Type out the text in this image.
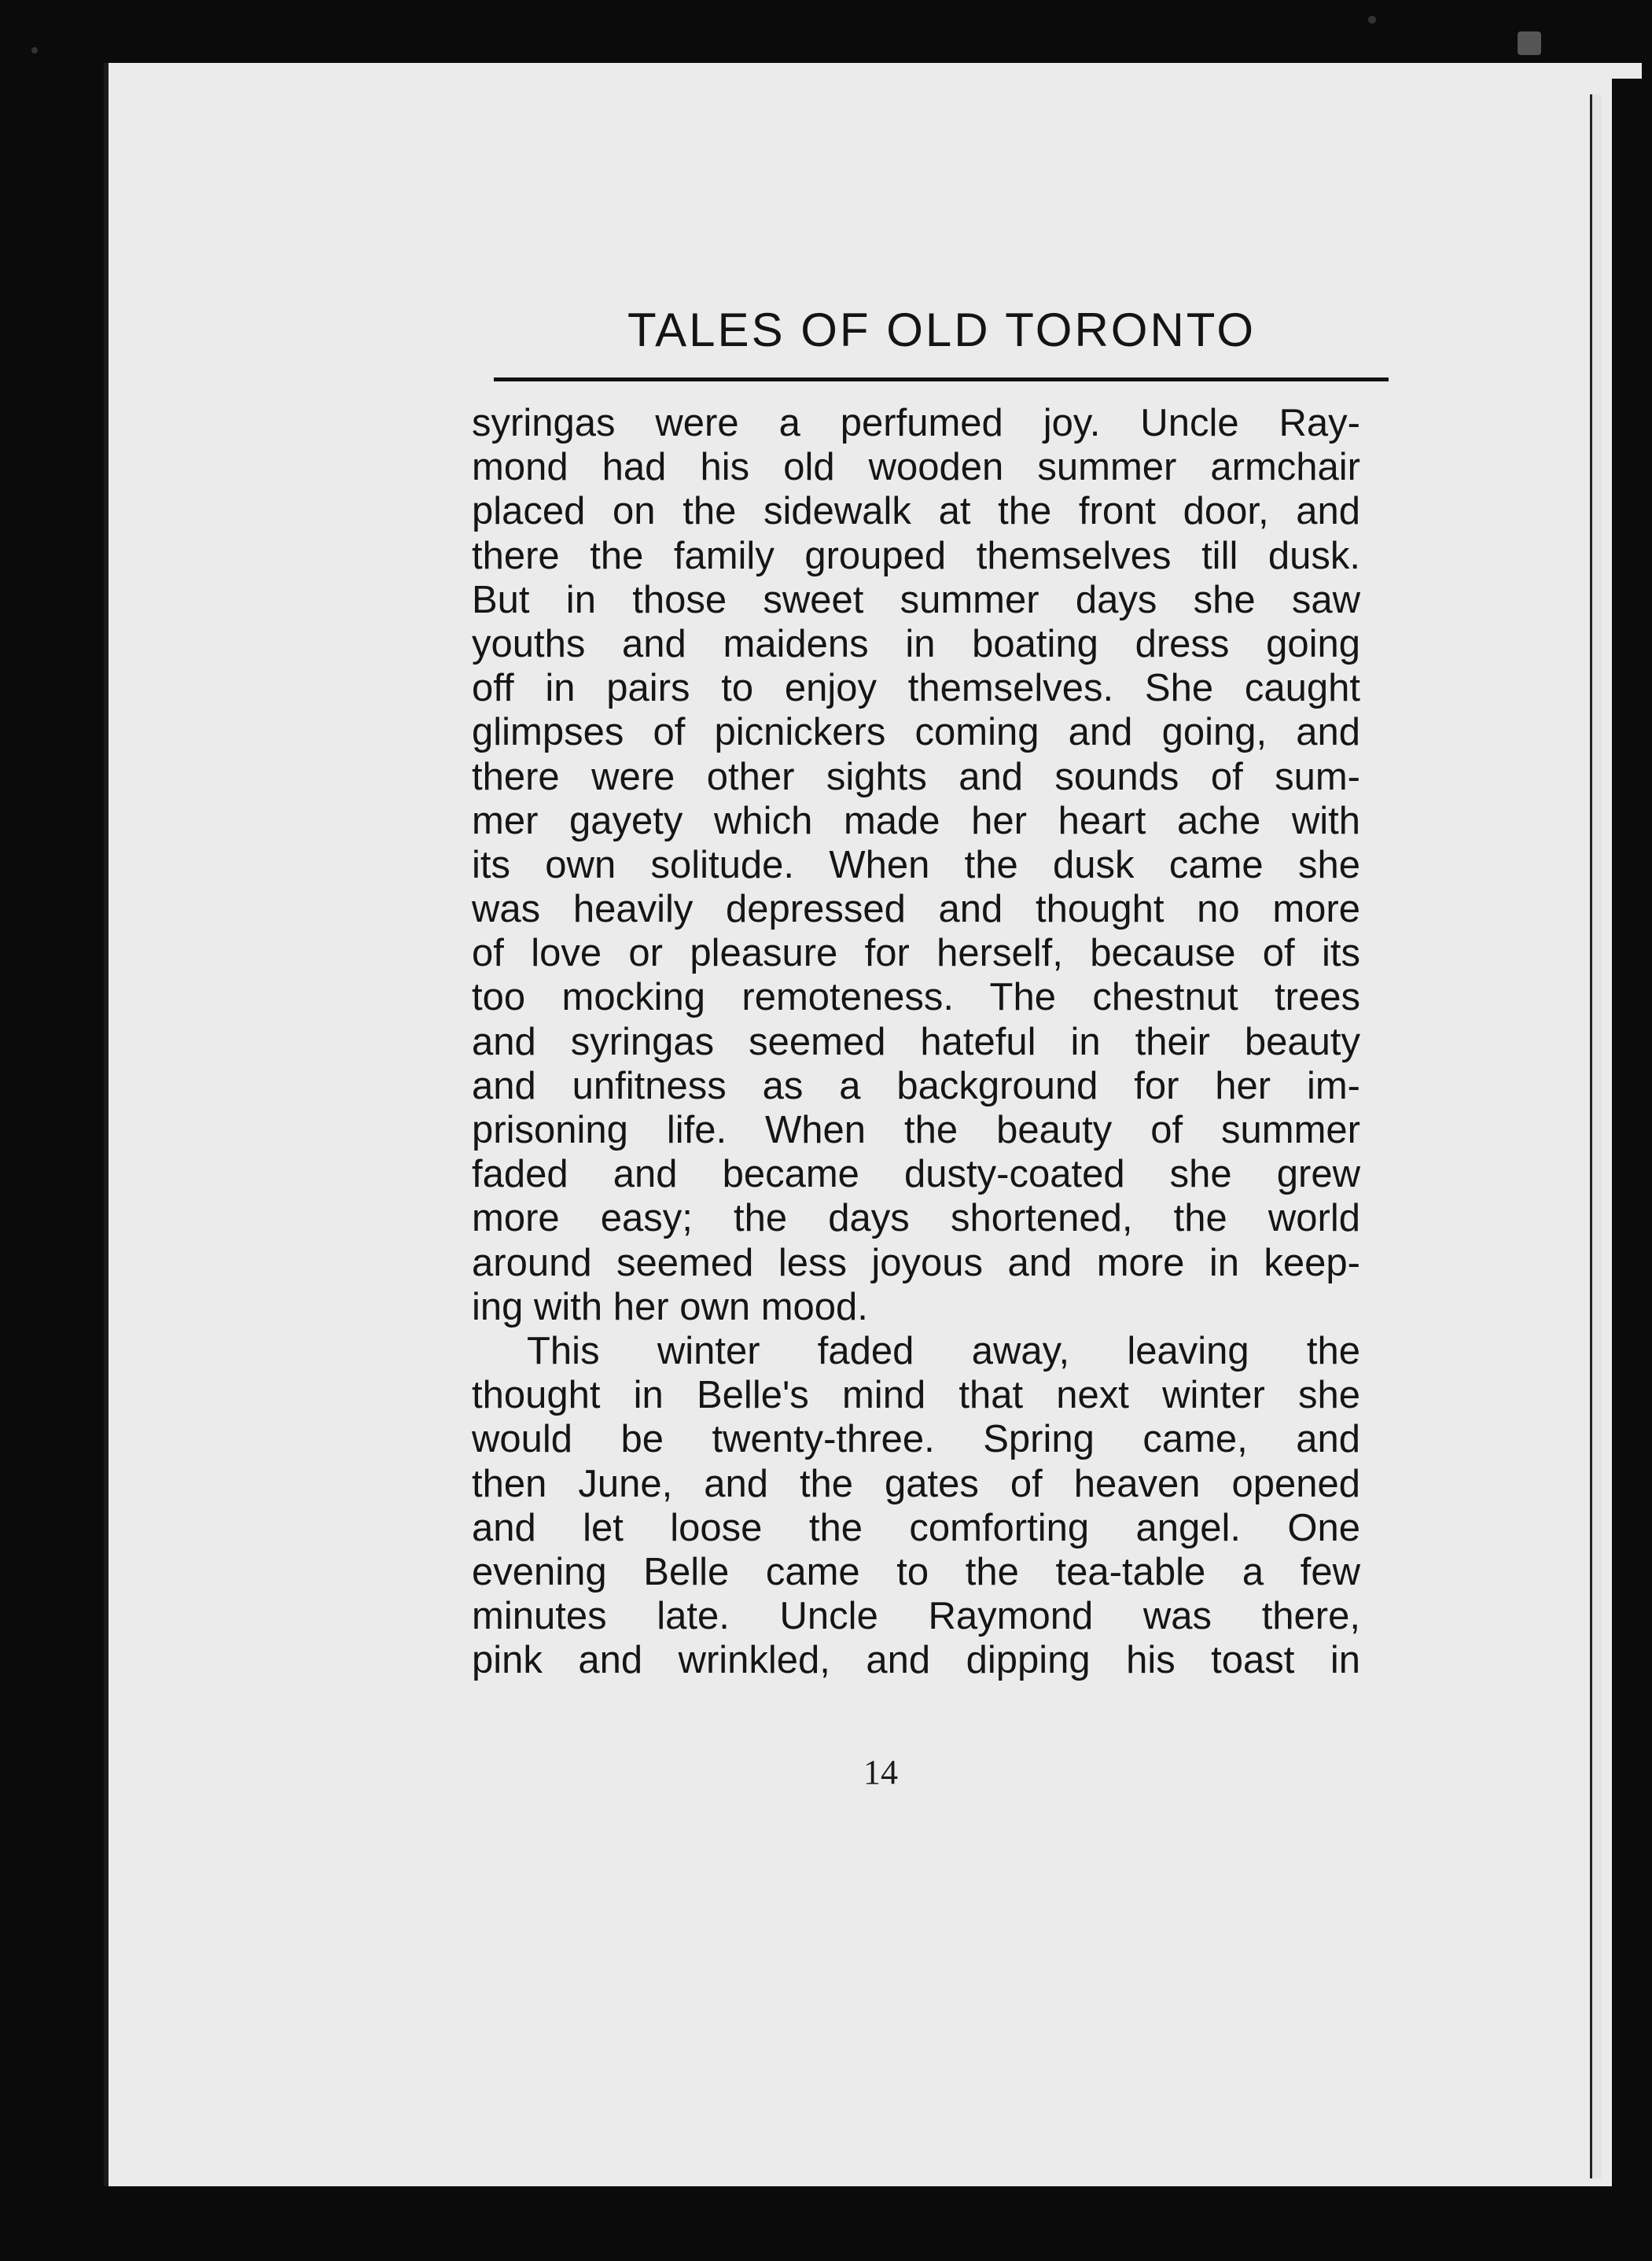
TALES OF OLD TORONTO

syringas were a perfumed joy. Uncle Ray-
mond had his old wooden summer armchair
placed on the sidewalk at the front door, and
there the family grouped themselves till dusk.
But in those sweet summer days she saw
youths and maidens in boating dress going
off in pairs to enjoy themselves. She caught
glimpses of picnickers coming and going, and
there were other sights and sounds of sum-
mer gayety which made her heart ache with
its own solitude. When the dusk came she
was heavily depressed and thought no more
of love or pleasure for herself, because of its
too mocking remoteness. The chestnut trees
and syringas seemed hateful in their beauty
and unfitness as a background for her im-
prisoning life. When the beauty of summer
faded and became dusty-coated she grew
more easy; the days shortened, the world
around seemed less joyous and more in keep-
ing with her own mood.
This winter faded away, leaving the
thought in Belle's mind that next winter she
would be twenty-three. Spring came, and
then June, and the gates of heaven opened
and let loose the comforting angel. One
evening Belle came to the tea-table a few
minutes late. Uncle Raymond was there,
pink and wrinkled, and dipping his toast in
14
